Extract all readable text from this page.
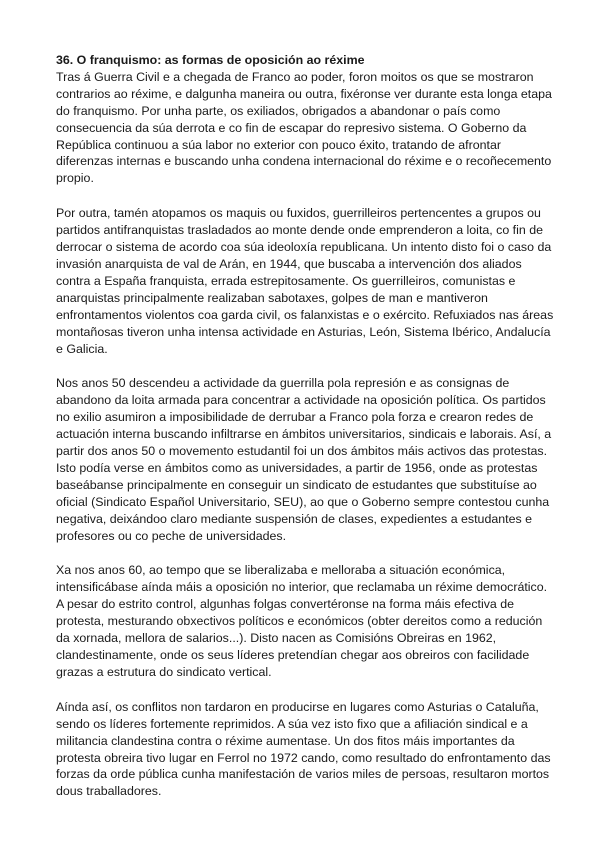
36. O franquismo: as formas de oposición ao réxime

Tras á Guerra Civil e a chegada de Franco ao poder, foron moitos os que se mostraron contrarios ao réxime, e dalgunha maneira ou outra, fixéronse ver durante esta longa etapa do franquismo. Por unha parte, os exiliados, obrigados a abandonar o país como consecuencia da súa derrota e co fin de escapar do represivo sistema. O Goberno da República continuou a súa labor no exterior con pouco éxito, tratando de afrontar diferenzas internas e buscando unha condena internacional do réxime e o recoñecemento propio.

Por outra, tamén atopamos os maquis ou fuxidos, guerrilleiros pertencentes a grupos ou partidos antifranquistas trasladados ao monte dende onde emprenderon a loita, co fin de derrocar o sistema de acordo coa súa ideoloxía republicana. Un intento disto foi o caso da invasión anarquista de val de Arán, en 1944, que buscaba a intervención dos aliados contra a España franquista, errada estrepitosamente. Os guerrilleiros, comunistas e anarquistas principalmente realizaban sabotaxes, golpes de man e mantiveron enfrontamentos violentos coa garda civil, os falanxistas e o exército. Refuxiados nas áreas montañosas tiveron unha intensa actividade en Asturias, León, Sistema Ibérico, Andalucía e Galicia.

Nos anos 50 descendeu a actividade da guerrilla pola represión e as consignas de abandono da loita armada para concentrar a actividade na oposición política. Os partidos no exilio asumiron a imposibilidade de derrubar a Franco pola forza e crearon redes de actuación interna buscando infiltrarse en ámbitos universitarios, sindicais e laborais. Así, a partir dos anos 50 o movemento estudantil foi un dos ámbitos máis activos das protestas. Isto podía verse en ámbitos como as universidades, a partir de 1956, onde as protestas baseábanse principalmente en conseguir un sindicato de estudantes que substituíse ao oficial (Sindicato Español Universitario, SEU), ao que o Goberno sempre contestou cunha negativa, deixándoo claro mediante suspensión de clases, expedientes a estudantes e profesores ou co peche de universidades.

Xa nos anos 60, ao tempo que se liberalizaba e melloraba a situación económica, intensificábase aínda máis a oposición no interior, que reclamaba un réxime democrático. A pesar do estrito control, algunhas folgas convertéronse na forma máis efectiva de protesta, mesturando obxectivos políticos e económicos (obter dereitos como a redución da xornada, mellora de salarios...). Disto nacen as Comisións Obreiras en 1962, clandestinamente, onde os seus líderes pretendían chegar aos obreiros con facilidade grazas a estrutura do sindicato vertical.

Aínda así, os conflitos non tardaron en producirse en lugares como Asturias o Cataluña, sendo os líderes fortemente reprimidos. A súa vez isto fixo que a afiliación sindical e a militancia clandestina contra o réxime aumentase. Un dos fitos máis importantes da protesta obreira tivo lugar en Ferrol no 1972 cando, como resultado do enfrontamento das forzas da orde pública cunha manifestación de varios miles de persoas, resultaron mortos dous traballadores.
